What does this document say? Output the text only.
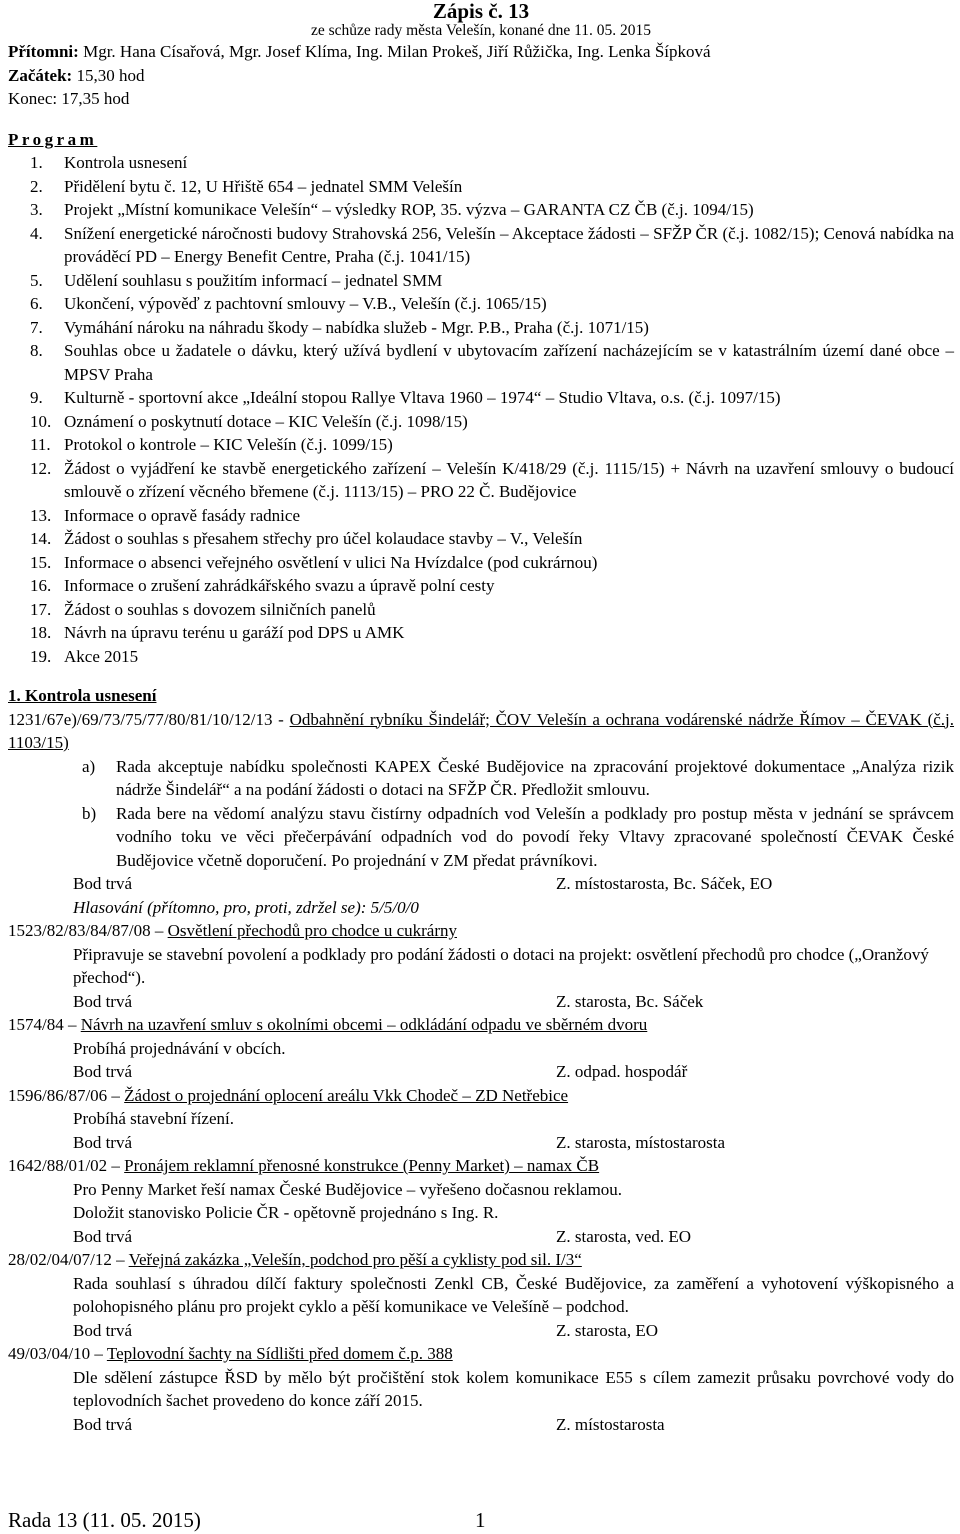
Zápis č. 13
ze schůze rady města Velešín, konané dne 11. 05. 2015
Přítomni: Mgr. Hana Císařová, Mgr. Josef Klíma, Ing. Milan Prokeš, Jiří Růžička, Ing. Lenka Šípková
Začátek: 15,30 hod
Konec: 17,35 hod
Program
1.	Kontrola usnesení
2.	Přidělení bytu č. 12, U Hřiště 654 – jednatel SMM Velešín
3.	Projekt „Místní komunikace Velešín“ – výsledky ROP, 35. výzva – GARANTA CZ ČB (č.j. 1094/15)
4.	Snížení energetické náročnosti budovy Strahovská 256, Velešín – Akceptace žádosti – SFŽP ČR (č.j. 1082/15); Cenová nabídka na prováděcí PD – Energy Benefit Centre, Praha (č.j. 1041/15)
5.	Udělení souhlasu s použitím informací – jednatel SMM
6.	Ukončení, výpověď z pachtovní smlouvy – V.B., Velešín (č.j. 1065/15)
7.	Vymáhání nároku na náhradu škody – nabídka služeb - Mgr. P.B., Praha (č.j. 1071/15)
8.	Souhlas obce u žadatele o dávku, který užívá bydlení v ubytovacím zařízení nacházejícím se v katastrálním území dané obce – MPSV Praha
9.	Kulturně - sportovní akce „Ideální stopou Rallye Vltava 1960 – 1974“ – Studio Vltava, o.s. (č.j. 1097/15)
10. Oznámení o poskytnutí dotace – KIC Velešín (č.j. 1098/15)
11. Protokol o kontrole – KIC Velešín (č.j. 1099/15)
12. Žádost o vyjádření ke stavbě energetického zařízení – Velešín K/418/29 (č.j. 1115/15) + Návrh na uzavření smlouvy o budoucí smlouvě o zřízení věcného břemene (č.j. 1113/15) – PRO 22 Č. Budějovice
13. Informace o opravě fasády radnice
14. Žádost o souhlas s přesahem střechy pro účel kolaudace stavby – V., Velešín
15. Informace o absenci veřejného osvětlení v ulici Na Hvízdalce (pod cukrárnou)
16. Informace o zrušení zahrádkářského svazu a úpravě polní cesty
17. Žádost o souhlas s dovozem silničních panelů
18. Návrh na úpravu terénu u garáží pod DPS u AMK
19. Akce 2015
1. Kontrola usnesení
1231/67e)/69/73/75/77/80/81/10/12/13 - Odbahnění rybníku Šindelář; ČOV Velešín a ochrana vodárenské nádrže Římov – ČEVAK (č.j. 1103/15)
a) Rada akceptuje nabídku společnosti KAPEX České Budějovice na zpracování projektové dokumentace „Analýza rizik nádrže Šindelář“ a na podání žádosti o dotaci na SFŽP ČR. Předložit smlouvu.
b) Rada bere na vědomí analýzu stavu čistírny odpadních vod Velešín a podklady pro postup města v jednání se správcem vodního toku ve věci přečerpávání odpadních vod do povodí řeky Vltavy zpracované společností ČEVAK České Budějovice včetně doporučení. Po projednání v ZM předat právníkovi.
Bod trvá	Z. místostarosta, Bc. Sáček, EO
Hlasování (přítomno, pro, proti, zdržel se): 5/5/0/0
1523/82/83/84/87/08 – Osvětlení přechodů pro chodce u cukrárny
Připravuje se stavební povolení a podklady pro podání žádosti o dotaci na projekt: osvětlení přechodů pro chodce („Oranžový přechod“).
Bod trvá	Z. starosta, Bc. Sáček
1574/84 – Návrh na uzavření smluv s okolními obcemi – odkládání odpadu ve sběrném dvoru
Probíhá projednávání v obcích.
Bod trvá	Z. odpad. hospodář
1596/86/87/06 – Žádost o projednání oplocení areálu Vkk Chodeč – ZD Netřebice
Probíhá stavební řízení.
Bod trvá	Z. starosta, místostarosta
1642/88/01/02 – Pronájem reklamní přenosné konstrukce (Penny Market) – namax ČB
Pro Penny Market řeší namax České Budějovice – vyřešeno dočasnou reklamou.
Doložit stanovisko Policie ČR - opětovně projednáno s Ing. R.
Bod trvá	Z. starosta, ved. EO
28/02/04/07/12 – Veřejná zakázka „Velešín, podchod pro pěší a cyklisty pod sil. I/3“
Rada souhlasí s úhradou dílčí faktury společnosti Zenkl CB, České Budějovice, za zaměření a vyhotovení výškopisného a polohopisného plánu pro projekt cyklo a pěší komunikace ve Velešíně – podchod.
Bod trvá	Z. starosta, EO
49/03/04/10 – Teplovodní šachty na Sídlišti před domem č.p. 388
Dle sdělení zástupce ŘSD by mělo být pročištění stok kolem komunikace E55 s cílem zamezit průsaku povrchové vody do teplovodních šachet provedeno do konce září 2015.
Bod trvá	Z. místostarosta
Rada 13 (11. 05. 2015)	1
